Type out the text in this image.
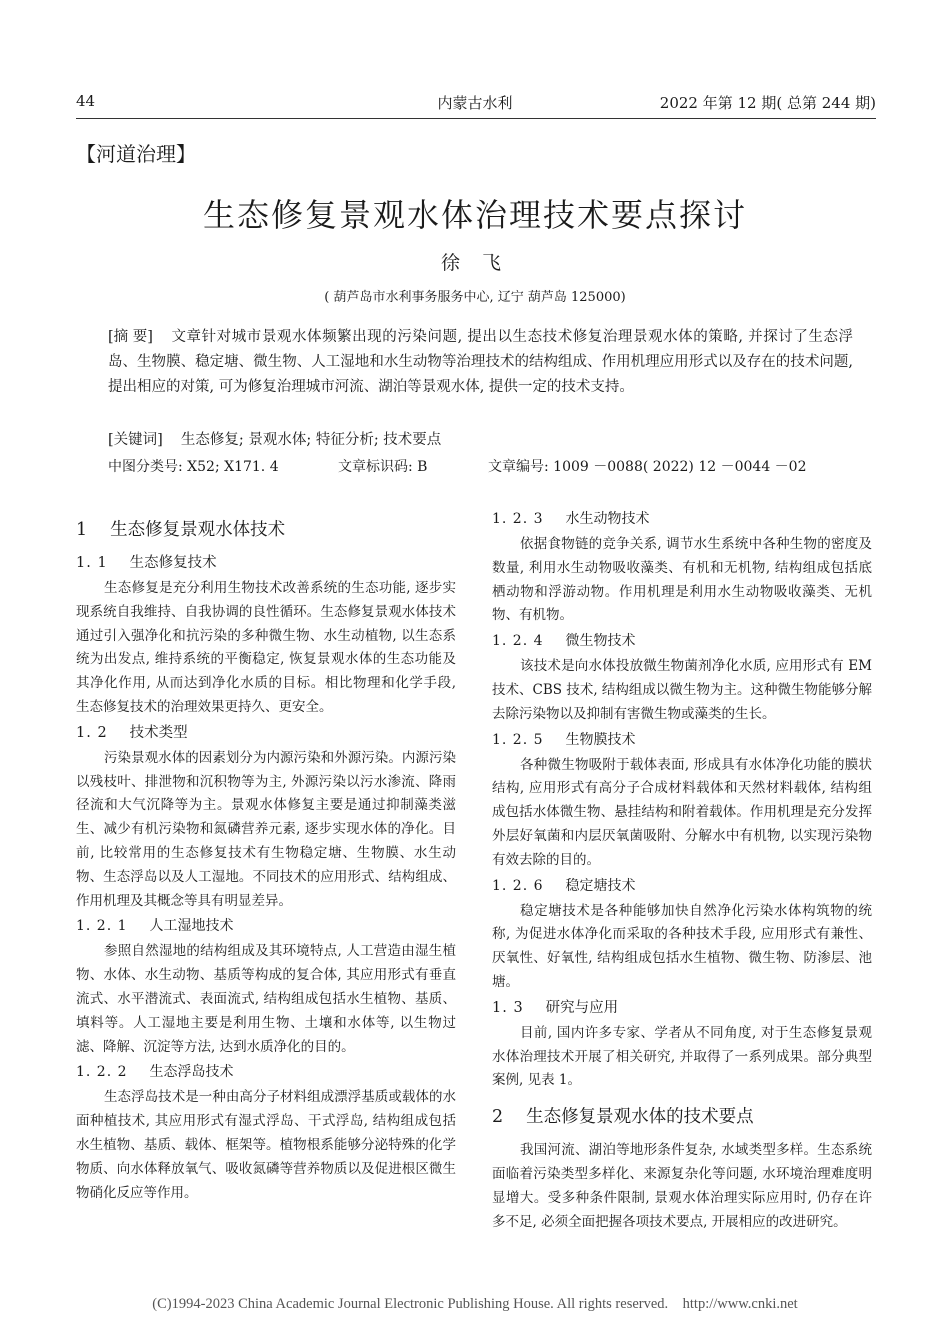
44	内蒙古水利	2022 年第 12 期( 总第 244 期)
【河道治理】
生态修复景观水体治理技术要点探讨
徐 飞
( 葫芦岛市水利事务服务中心, 辽宁 葫芦岛 125000)
[摘 要] 文章针对城市景观水体频繁出现的污染问题, 提出以生态技术修复治理景观水体的策略, 并探讨了生态浮岛、生物膜、稳定塘、微生物、人工湿地和水生动物等治理技术的结构组成、作用机理应用形式以及存在的技术问题, 提出相应的对策, 可为修复治理城市河流、湖泊等景观水体, 提供一定的技术支持。
[关键词] 生态修复; 景观水体; 特征分析; 技术要点
中图分类号: X52; X171. 4	文章标识码: B	文章编号: 1009 －0088( 2022) 12 －0044 －02
1 生态修复景观水体技术
1. 1 生态修复技术

生态修复是充分利用生物技术改善系统的生态功能, 逐步实现系统自我维持、自我协调的良性循环。生态修复景观水体技术通过引入强净化和抗污染的多种微生物、水生动植物, 以生态系统为出发点, 维持系统的平衡稳定, 恢复景观水体的生态功能及其净化作用, 从而达到净化水质的目标。相比物理和化学手段, 生态修复技术的治理效果更持久、更安全。

1. 2 技术类型

污染景观水体的因素划分为内源污染和外源污染。内源污染以残枝叶、排泄物和沉积物等为主, 外源污染以污水渗流、降雨径流和大气沉降等为主。景观水体修复主要是通过抑制藻类滋生、减少有机污染物和氮磷营养元素, 逐步实现水体的净化。目前, 比较常用的生态修复技术有生物稳定塘、生物膜、水生动物、生态浮岛以及人工湿地。不同技术的应用形式、结构组成、作用机理及其概念等具有明显差异。

1. 2. 1 人工湿地技术

参照自然湿地的结构组成及其环境特点, 人工营造由湿生植物、水体、水生动物、基质等构成的复合体, 其应用形式有垂直流式、水平潜流式、表面流式, 结构组成包括水生植物、基质、填料等。人工湿地主要是利用生物、土壤和水体等, 以生物过滤、降解、沉淀等方法, 达到水质净化的目的。

1. 2. 2 生态浮岛技术

生态浮岛技术是一种由高分子材料组成漂浮基质或载体的水面种植技术, 其应用形式有湿式浮岛、干式浮岛, 结构组成包括水生植物、基质、载体、框架等。植物根系能够分泌特殊的化学物质、向水体释放氧气、吸收氮磷等营养物质以及促进根区微生物硝化反应等作用。

1. 2. 3 水生动物技术

依据食物链的竞争关系, 调节水生系统中各种生物的密度及数量, 利用水生动物吸收藻类、有机和无机物, 结构组成包括底栖动物和浮游动物。作用机理是利用水生动物吸收藻类、无机物、有机物。

1. 2. 4 微生物技术

该技术是向水体投放微生物菌剂净化水质, 应用形式有 EM 技术、CBS 技术, 结构组成以微生物为主。这种微生物能够分解去除污染物以及抑制有害微生物或藻类的生长。

1. 2. 5 生物膜技术

各种微生物吸附于载体表面, 形成具有水体净化功能的膜状结构, 应用形式有高分子合成材料载体和天然材料载体, 结构组成包括水体微生物、悬挂结构和附着载体。作用机理是充分发挥外层好氧菌和内层厌氧菌吸附、分解水中有机物, 以实现污染物有效去除的目的。

1. 2. 6 稳定塘技术

稳定塘技术是各种能够加快自然净化污染水体构筑物的统称, 为促进水体净化而采取的各种技术手段, 应用形式有兼性、厌氧性、好氧性, 结构组成包括水生植物、微生物、防渗层、池塘。

1. 3 研究与应用

目前, 国内许多专家、学者从不同角度, 对于生态修复景观水体治理技术开展了相关研究, 并取得了一系列成果。部分典型案例, 见表 1。

2 生态修复景观水体的技术要点

我国河流、湖泊等地形条件复杂, 水域类型多样。生态系统面临着污染类型多样化、来源复杂化等问题, 水环境治理难度明显增大。受多种条件限制, 景观水体治理实际应用时, 仍存在许多不足, 必须全面把握各项技术要点, 开展相应的改进研究。

(C)1994-2023 China Academic Journal Electronic Publishing House. All rights reserved.    http://www.cnki.net
